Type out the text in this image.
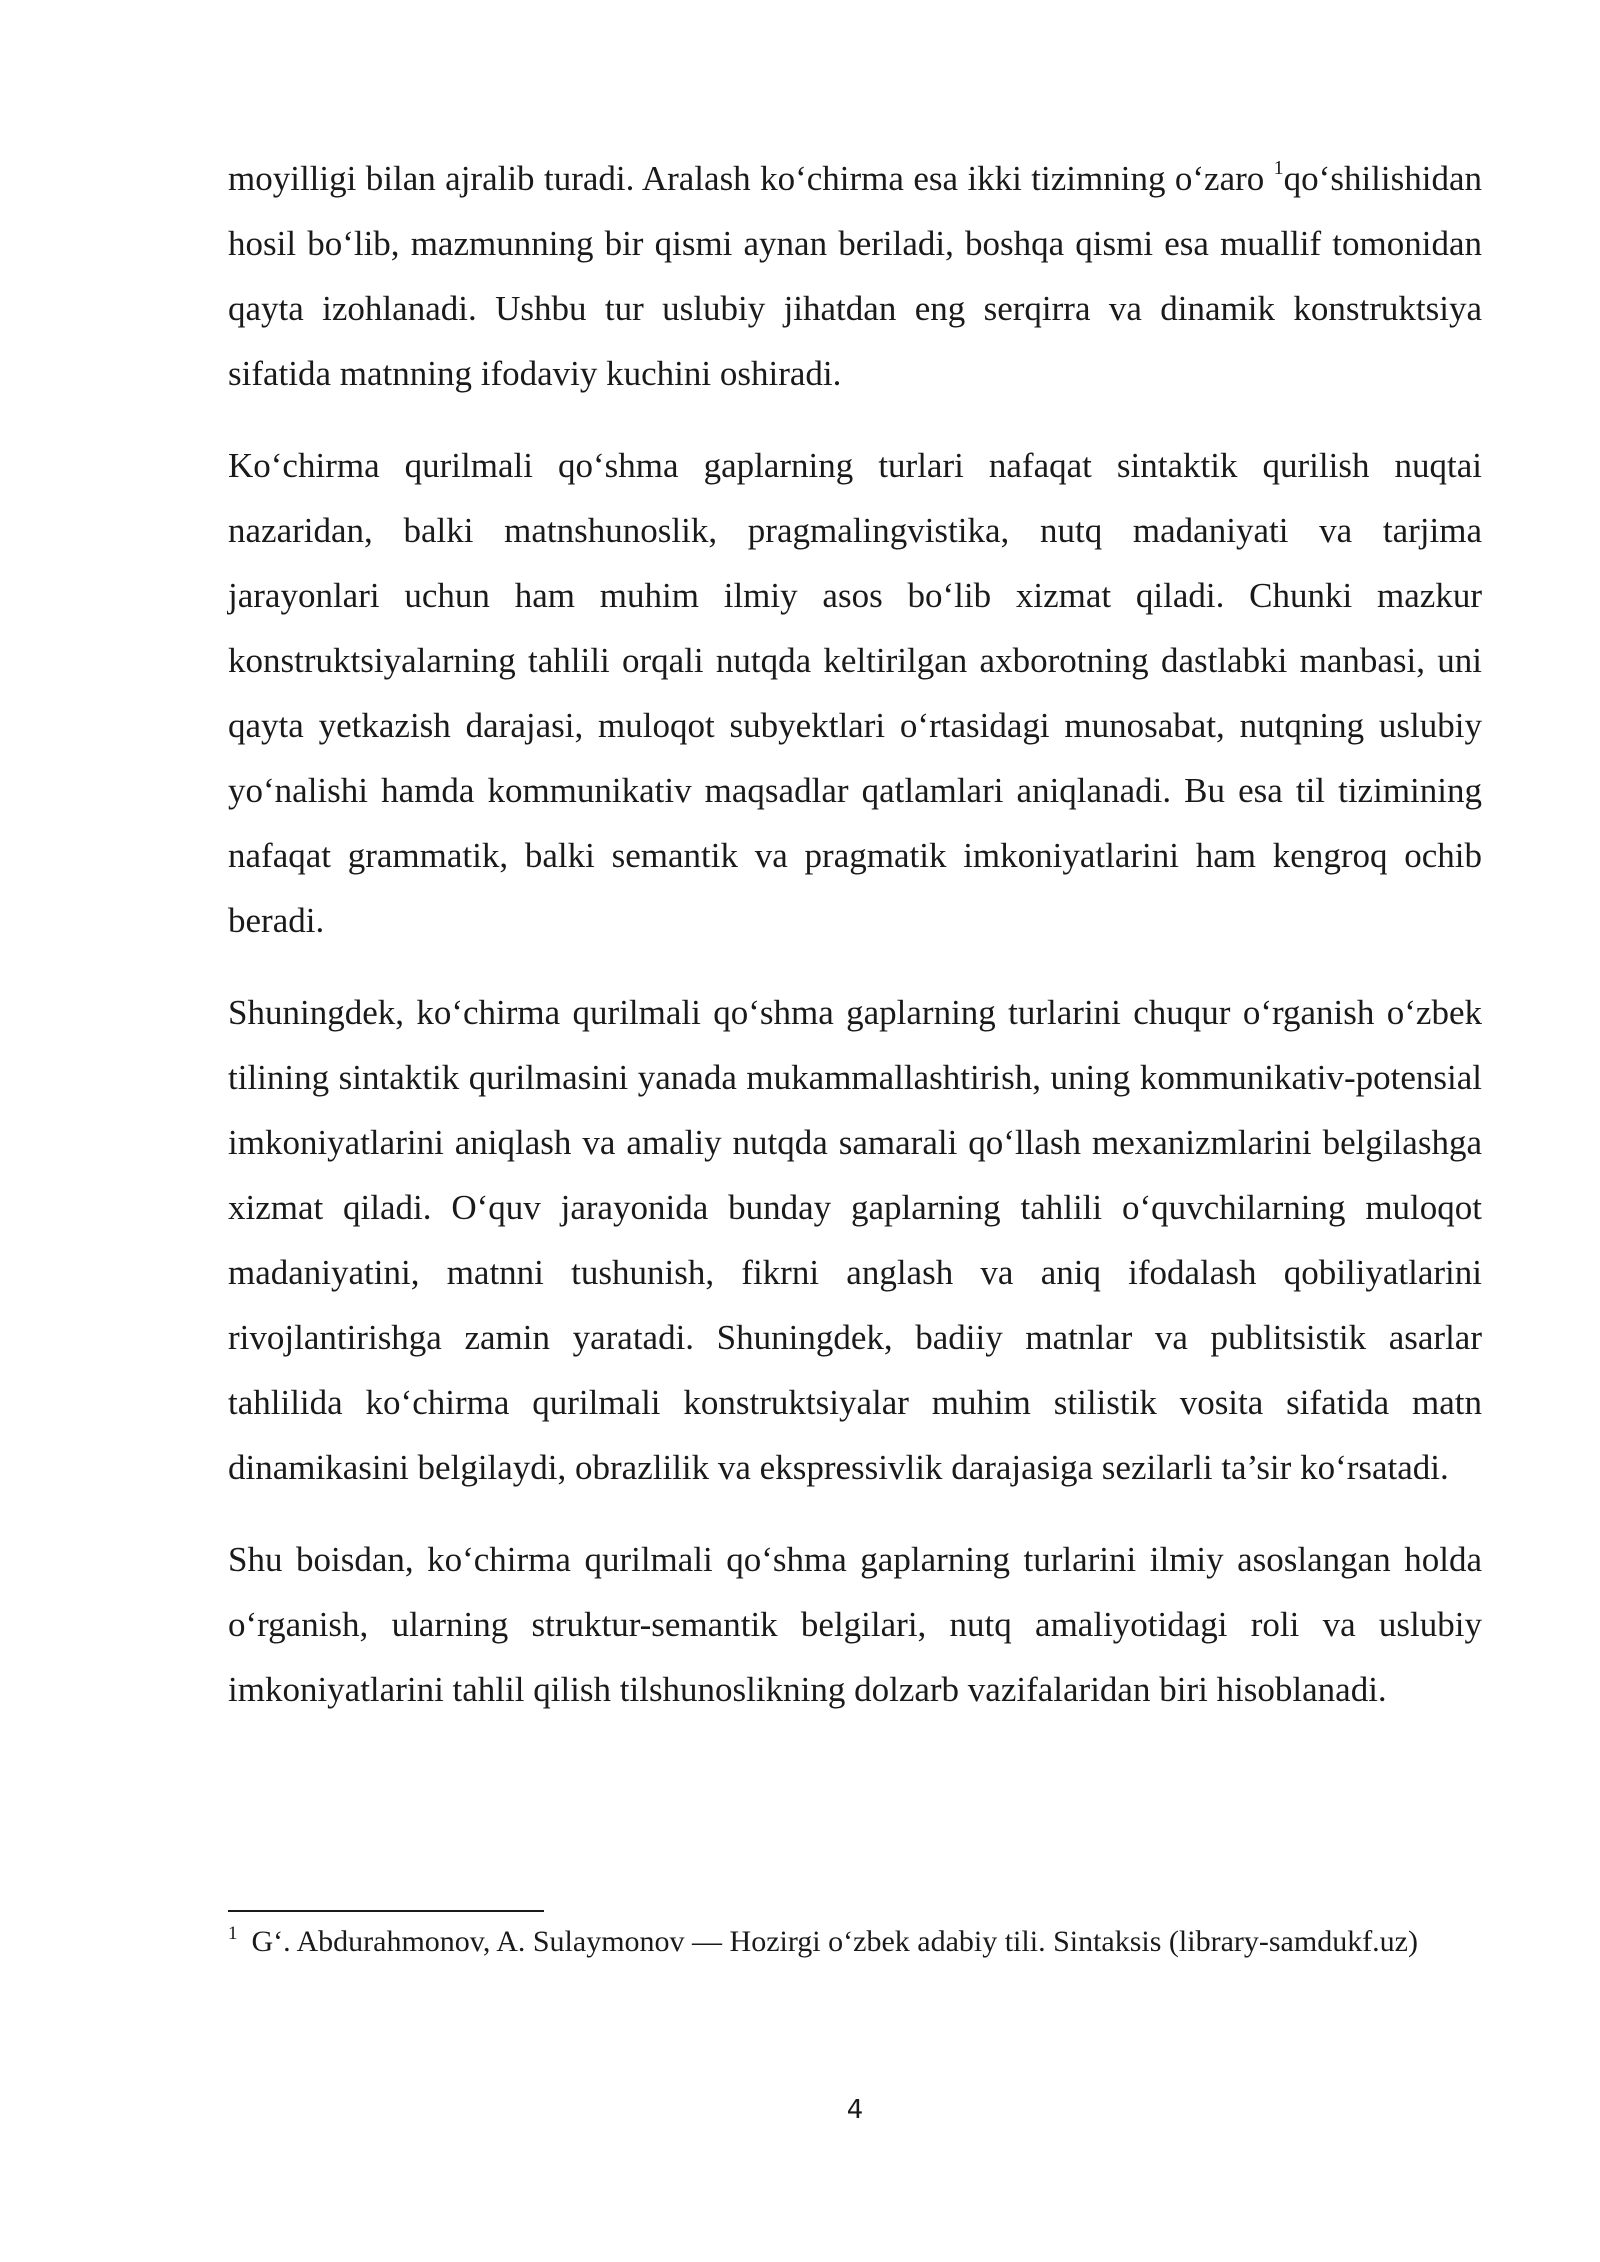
moyilligi bilan ajralib turadi. Aralash ko‘chirma esa ikki tizimning o‘zaro $^1$qo‘shilishidan hosil bo‘lib, mazmunning bir qismi aynan beriladi, boshqa qismi esa muallif tomonidan qayta izohlanadi. Ushbu tur uslubiy jihatdan eng serqirra va dinamik konstruktsiya sifatida matnning ifodaviy kuchini oshiradi.

Ko‘chirma qurilmali qo‘shma gaplarning turlari nafaqat sintaktik qurilish nuqtai nazaridan, balki matnshunoslik, pragmalingvistika, nutq madaniyati va tarjima jarayonlari uchun ham muhim ilmiy asos bo‘lib xizmat qiladi. Chunki mazkur konstruktsiyalarning tahlili orqali nutqda keltirilgan axborotning dastlabki manbasi, uni qayta yetkazish darajasi, muloqot subyektlari o‘rtasidagi munosabat, nutqning uslubiy yo‘nalishi hamda kommunikativ maqsadlar qatlamlari aniqlanadi. Bu esa til tizimining nafaqat grammatik, balki semantik va pragmatik imkoniyatlarini ham kengroq ochib beradi.

Shuningdek, ko‘chirma qurilmali qo‘shma gaplarning turlarini chuqur o‘rganish o‘zbek tilining sintaktik qurilmasini yanada mukammallashtirish, uning kommunikativ-potensial imkoniyatlarini aniqlash va amaliy nutqda samarali qo‘llash mexanizmlarini belgilashga xizmat qiladi. O‘quv jarayonida bunday gaplarning tahlili o‘quvchilarning muloqot madaniyatini, matnni tushunish, fikrni anglash va aniq ifodalash qobiliyatlarini rivojlantirishga zamin yaratadi. Shuningdek, badiiy matnlar va publitsistik asarlar tahlilida ko‘chirma qurilmali konstruktsiyalar muhim stilistik vosita sifatida matn dinamikasini belgilaydi, obrazlilik va ekspressivlik darajasiga sezilarli ta’sir ko‘rsatadi.

Shu boisdan, ko‘chirma qurilmali qo‘shma gaplarning turlarini ilmiy asoslangan holda o‘rganish, ularning struktur-semantik belgilari, nutq amaliyotidagi roli va uslubiy imkoniyatlarini tahlil qilish tilshunoslikning dolzarb vazifalaridan biri hisoblanadi.

$^1$ G‘. Abdurahmonov, A. Sulaymonov — Hozirgi o‘zbek adabiy tili. Sintaksis (library-samdukf.uz)

4
